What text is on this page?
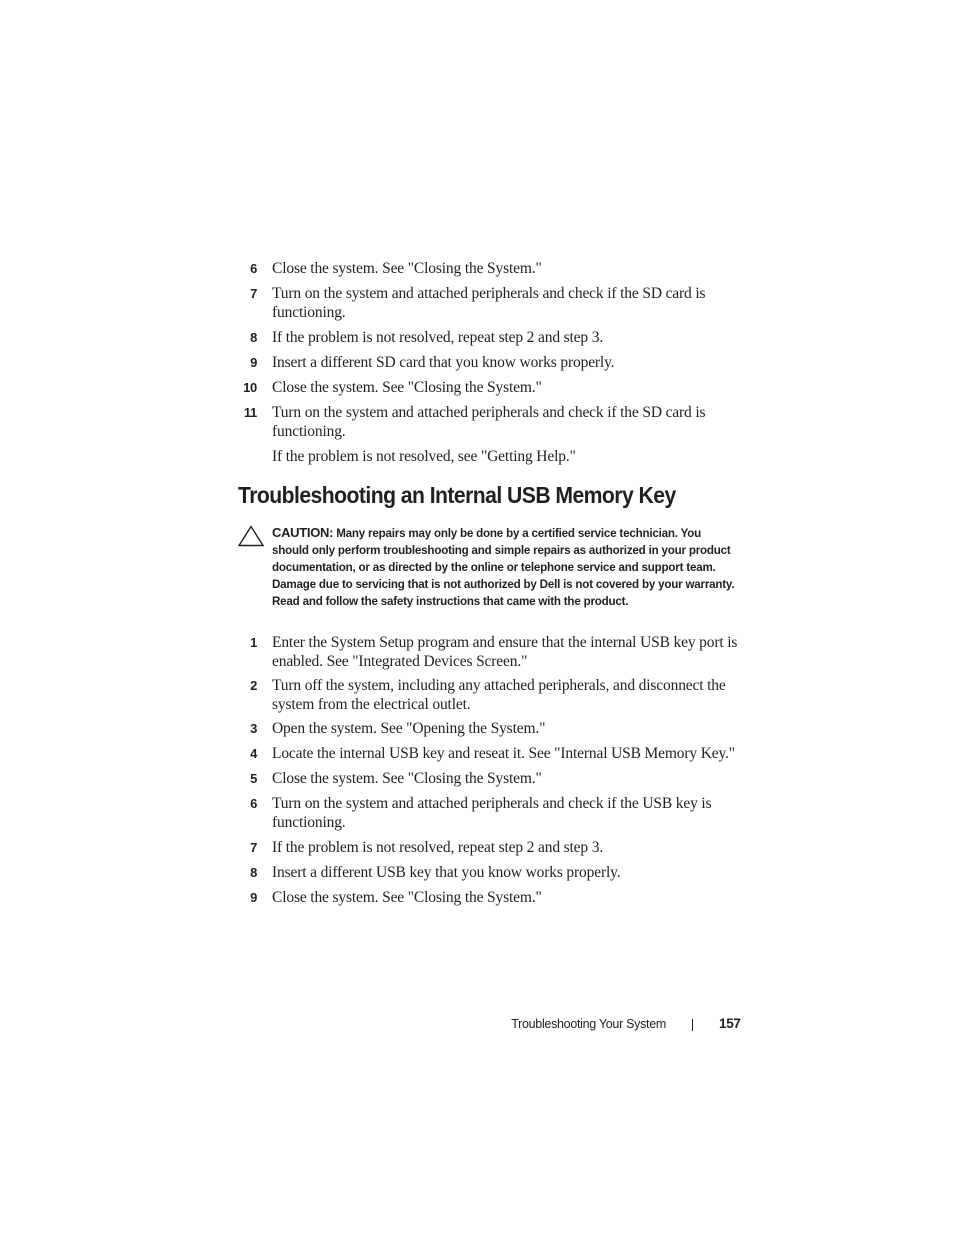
6 Close the system. See "Closing the System."
7 Turn on the system and attached peripherals and check if the SD card is functioning.
8 If the problem is not resolved, repeat step 2 and step 3.
9 Insert a different SD card that you know works properly.
10 Close the system. See "Closing the System."
11 Turn on the system and attached peripherals and check if the SD card is functioning.
If the problem is not resolved, see "Getting Help."
Troubleshooting an Internal USB Memory Key
CAUTION: Many repairs may only be done by a certified service technician. You should only perform troubleshooting and simple repairs as authorized in your product documentation, or as directed by the online or telephone service and support team. Damage due to servicing that is not authorized by Dell is not covered by your warranty. Read and follow the safety instructions that came with the product.
1 Enter the System Setup program and ensure that the internal USB key port is enabled. See "Integrated Devices Screen."
2 Turn off the system, including any attached peripherals, and disconnect the system from the electrical outlet.
3 Open the system. See "Opening the System."
4 Locate the internal USB key and reseat it. See "Internal USB Memory Key."
5 Close the system. See "Closing the System."
6 Turn on the system and attached peripherals and check if the USB key is functioning.
7 If the problem is not resolved, repeat step 2 and step 3.
8 Insert a different USB key that you know works properly.
9 Close the system. See "Closing the System."
Troubleshooting Your System	157
